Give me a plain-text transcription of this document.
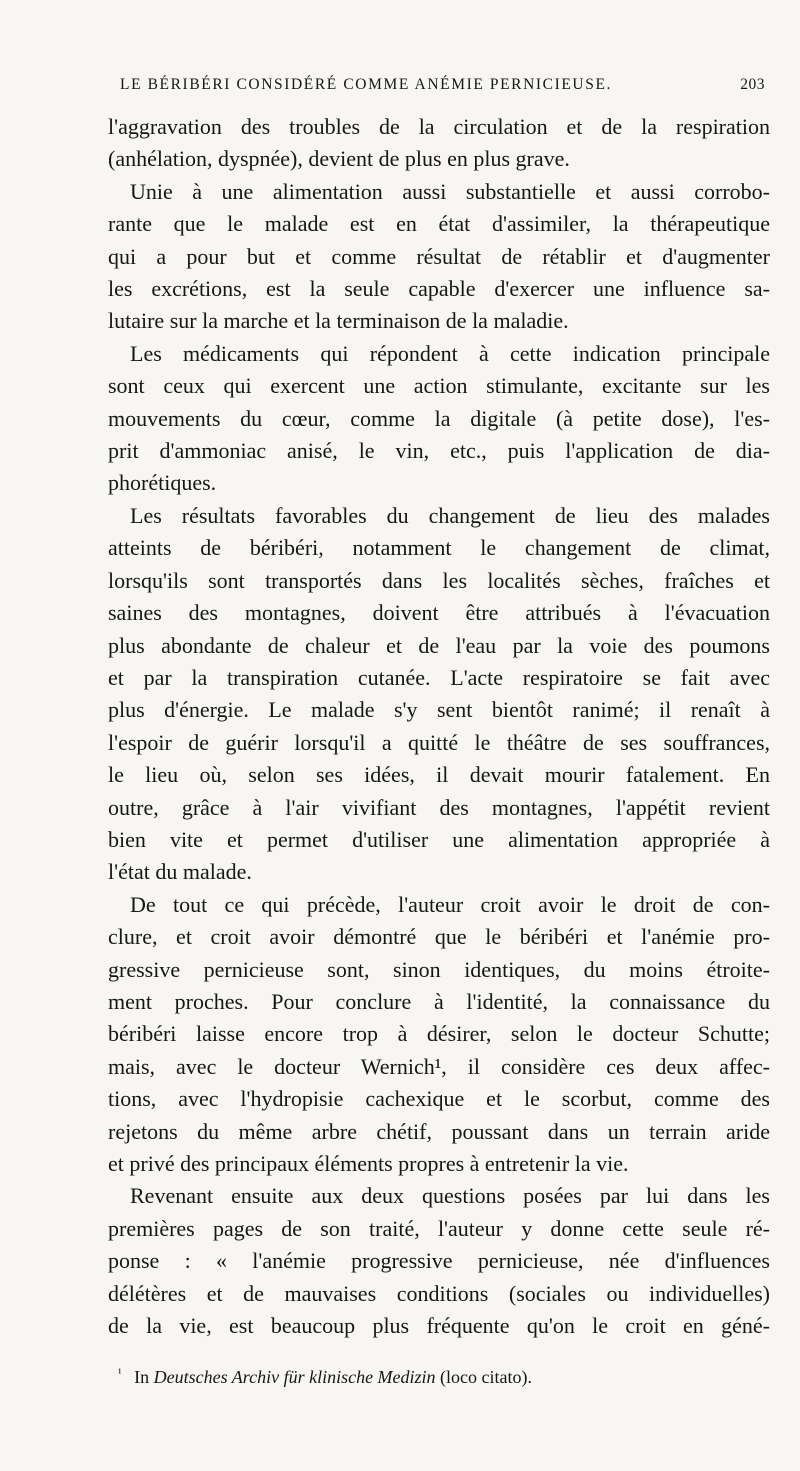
LE BÉRIBÉRI CONSIDÉRÉ COMME ANÉMIE PERNICIEUSE.	203
l'aggravation des troubles de la circulation et de la respiration
(anhélation, dyspnée), devient de plus en plus grave.
Unie à une alimentation aussi substantielle et aussi corrobo-
rante que le malade est en état d'assimiler, la thérapeutique
qui a pour but et comme résultat de rétablir et d'augmenter
les excrétions, est la seule capable d'exercer une influence sa-
lutaire sur la marche et la terminaison de la maladie.
Les médicaments qui répondent à cette indication principale
sont ceux qui exercent une action stimulante, excitante sur les
mouvements du cœur, comme la digitale (à petite dose), l'es-
prit d'ammoniac anisé, le vin, etc., puis l'application de dia-
phorétiques.
Les résultats favorables du changement de lieu des malades
atteints de béribéri, notamment le changement de climat,
lorsqu'ils sont transportés dans les localités sèches, fraîches et
saines des montagnes, doivent être attribués à l'évacuation
plus abondante de chaleur et de l'eau par la voie des poumons
et par la transpiration cutanée. L'acte respiratoire se fait avec
plus d'énergie. Le malade s'y sent bientôt ranimé; il renaît à
l'espoir de guérir lorsqu'il a quitté le théâtre de ses souffrances,
le lieu où, selon ses idées, il devait mourir fatalement. En
outre, grâce à l'air vivifiant des montagnes, l'appétit revient
bien vite et permet d'utiliser une alimentation appropriée à
l'état du malade.
De tout ce qui précède, l'auteur croit avoir le droit de con-
clure, et croit avoir démontré que le béribéri et l'anémie pro-
gressive pernicieuse sont, sinon identiques, du moins étroite-
ment proches. Pour conclure à l'identité, la connaissance du
béribéri laisse encore trop à désirer, selon le docteur Schutte;
mais, avec le docteur Wernich¹, il considère ces deux affec-
tions, avec l'hydropisie cachexique et le scorbut, comme des
rejetons du même arbre chétif, poussant dans un terrain aride
et privé des principaux éléments propres à entretenir la vie.
Revenant ensuite aux deux questions posées par lui dans les
premières pages de son traité, l'auteur y donne cette seule ré-
ponse : « l'anémie progressive pernicieuse, née d'influences
délétères et de mauvaises conditions (sociales ou individuelles)
de la vie, est beaucoup plus fréquente qu'on le croit en géné-
$^{^1}$ In Deutsches Archiv für klinische Medizin (loco citato).
